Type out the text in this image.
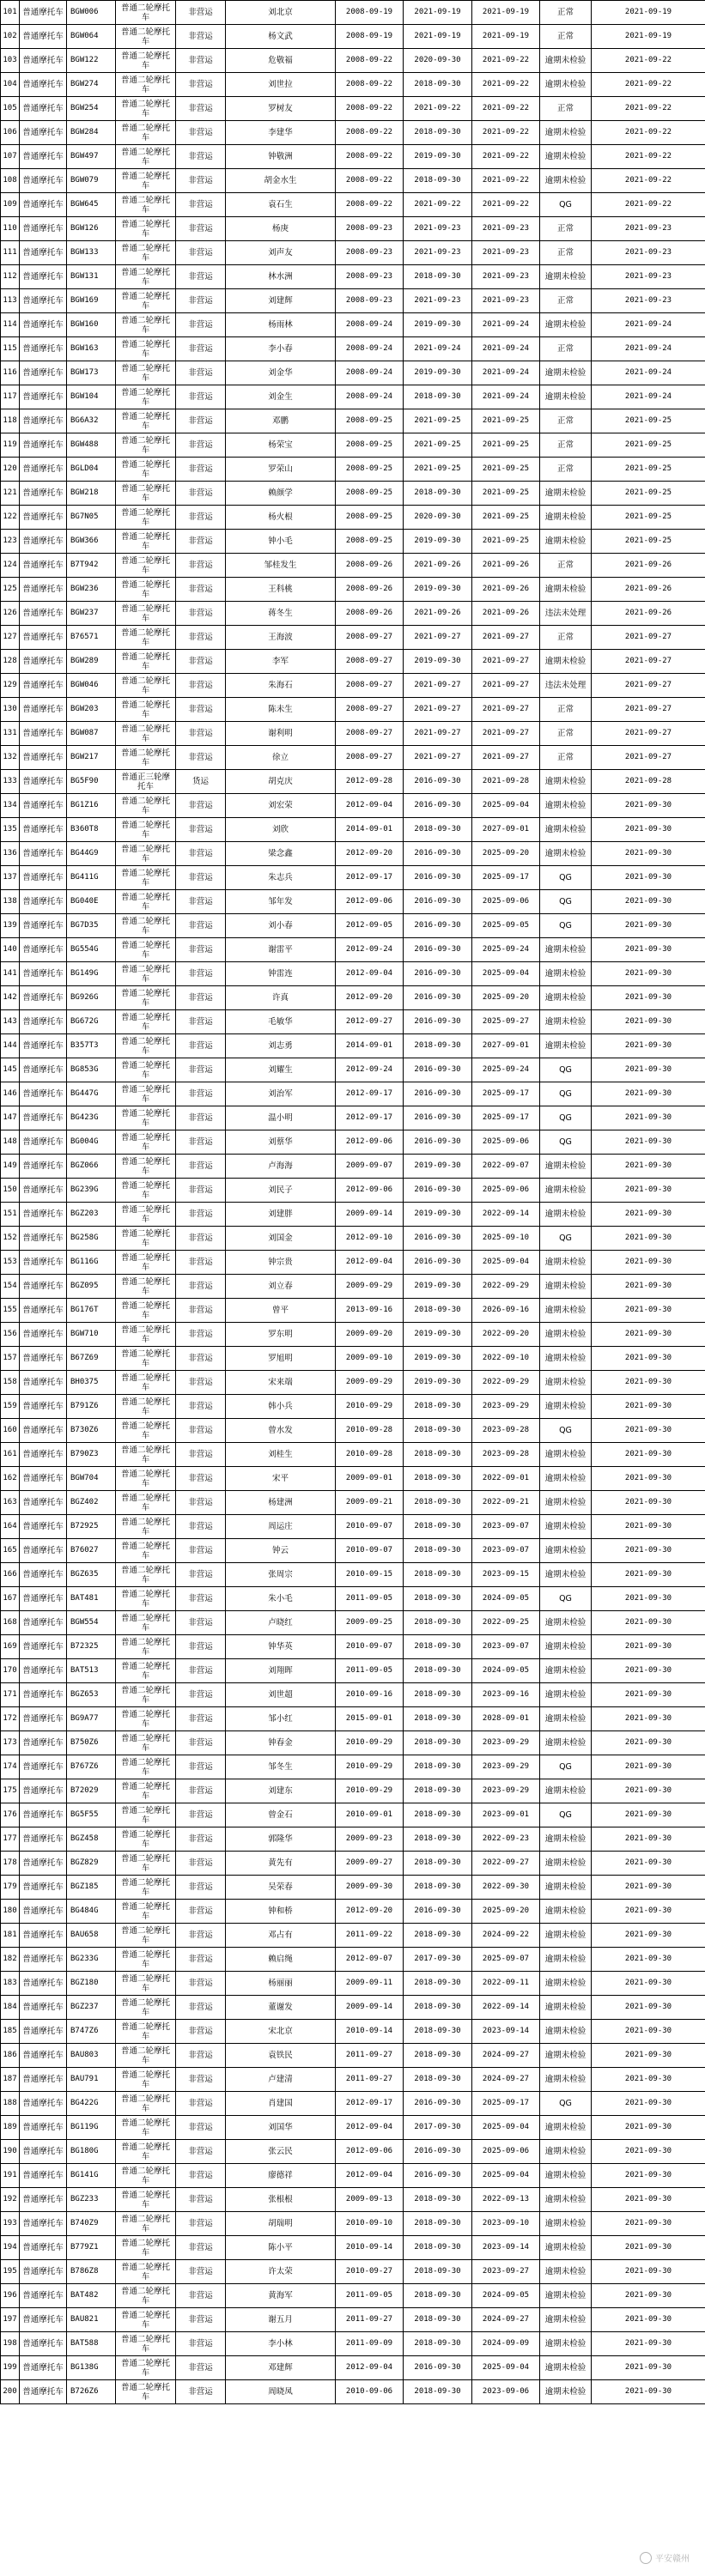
101	普通摩托车	BGW006	普通二轮摩托车	非营运	刘北京	2008-09-19	2021-09-19	2021-09-19	正常	2021-09-19
102	普通摩托车	BGW064	普通二轮摩托车	非营运	杨文武	2008-09-19	2021-09-19	2021-09-19	正常	2021-09-19
103	普通摩托车	BGW122	普通二轮摩托车	非营运	危敬福	2008-09-22	2020-09-30	2021-09-22	逾期未检验	2021-09-22
104	普通摩托车	BGW274	普通二轮摩托车	非营运	刘世拉	2008-09-22	2018-09-30	2021-09-22	逾期未检验	2021-09-22
105	普通摩托车	BGW254	普通二轮摩托车	非营运	罗树友	2008-09-22	2021-09-22	2021-09-22	正常	2021-09-22
106	普通摩托车	BGW284	普通二轮摩托车	非营运	李建华	2008-09-22	2018-09-30	2021-09-22	逾期未检验	2021-09-22
107	普通摩托车	BGW497	普通二轮摩托车	非营运	钟敬洲	2008-09-22	2019-09-30	2021-09-22	逾期未检验	2021-09-22
108	普通摩托车	BGW079	普通二轮摩托车	非营运	胡金水生	2008-09-22	2018-09-30	2021-09-22	逾期未检验	2021-09-22
109	普通摩托车	BGW645	普通二轮摩托车	非营运	袁石生	2008-09-22	2021-09-22	2021-09-22	QG	2021-09-22
110	普通摩托车	BGW126	普通二轮摩托车	非营运	杨庚	2008-09-23	2021-09-23	2021-09-23	正常	2021-09-23
111	普通摩托车	BGW133	普通二轮摩托车	非营运	刘声友	2008-09-23	2021-09-23	2021-09-23	正常	2021-09-23
112	普通摩托车	BGW131	普通二轮摩托车	非营运	林水洲	2008-09-23	2018-09-30	2021-09-23	逾期未检验	2021-09-23
113	普通摩托车	BGW169	普通二轮摩托车	非营运	刘建辉	2008-09-23	2021-09-23	2021-09-23	正常	2021-09-23
114	普通摩托车	BGW160	普通二轮摩托车	非营运	杨雨林	2008-09-24	2019-09-30	2021-09-24	逾期未检验	2021-09-24
115	普通摩托车	BGW163	普通二轮摩托车	非营运	李小春	2008-09-24	2021-09-24	2021-09-24	正常	2021-09-24
116	普通摩托车	BGW173	普通二轮摩托车	非营运	刘金华	2008-09-24	2019-09-30	2021-09-24	逾期未检验	2021-09-24
117	普通摩托车	BGW104	普通二轮摩托车	非营运	刘金生	2008-09-24	2018-09-30	2021-09-24	逾期未检验	2021-09-24
118	普通摩托车	BG6A32	普通二轮摩托车	非营运	邓鹏	2008-09-25	2021-09-25	2021-09-25	正常	2021-09-25
119	普通摩托车	BGW488	普通二轮摩托车	非营运	杨荣宝	2008-09-25	2021-09-25	2021-09-25	正常	2021-09-25
120	普通摩托车	BGLD04	普通二轮摩托车	非营运	罗荣山	2008-09-25	2021-09-25	2021-09-25	正常	2021-09-25
121	普通摩托车	BGW218	普通二轮摩托车	非营运	赖颜学	2008-09-25	2018-09-30	2021-09-25	逾期未检验	2021-09-25
122	普通摩托车	BG7N05	普通二轮摩托车	非营运	杨火根	2008-09-25	2020-09-30	2021-09-25	逾期未检验	2021-09-25
123	普通摩托车	BGW366	普通二轮摩托车	非营运	钟小毛	2008-09-25	2019-09-30	2021-09-25	逾期未检验	2021-09-25
124	普通摩托车	B7T942	普通二轮摩托车	非营运	邹桂发生	2008-09-26	2021-09-26	2021-09-26	正常	2021-09-26
125	普通摩托车	BGW236	普通二轮摩托车	非营运	王科桃	2008-09-26	2019-09-30	2021-09-26	逾期未检验	2021-09-26
126	普通摩托车	BGW237	普通二轮摩托车	非营运	蒋冬生	2008-09-26	2021-09-26	2021-09-26	违法未处理	2021-09-26
127	普通摩托车	B76571	普通二轮摩托车	非营运	王海波	2008-09-27	2021-09-27	2021-09-27	正常	2021-09-27
128	普通摩托车	BGW289	普通二轮摩托车	非营运	李军	2008-09-27	2019-09-30	2021-09-27	逾期未检验	2021-09-27
129	普通摩托车	BGW046	普通二轮摩托车	非营运	朱海石	2008-09-27	2021-09-27	2021-09-27	违法未处理	2021-09-27
130	普通摩托车	BGW203	普通二轮摩托车	非营运	陈未生	2008-09-27	2021-09-27	2021-09-27	正常	2021-09-27
131	普通摩托车	BGW087	普通二轮摩托车	非营运	谢利明	2008-09-27	2021-09-27	2021-09-27	正常	2021-09-27
132	普通摩托车	BGW217	普通二轮摩托车	非营运	徐立	2008-09-27	2021-09-27	2021-09-27	正常	2021-09-27
133	普通摩托车	BG5F90	普通正三轮摩托车	货运	胡克庆	2012-09-28	2016-09-30	2021-09-28	逾期未检验	2021-09-28
134	普通摩托车	BG1Z16	普通二轮摩托车	非营运	刘宏荣	2012-09-04	2016-09-30	2025-09-04	逾期未检验	2021-09-30
135	普通摩托车	B360T8	普通二轮摩托车	非营运	刘欣	2014-09-01	2018-09-30	2027-09-01	逾期未检验	2021-09-30
136	普通摩托车	BG44G9	普通二轮摩托车	非营运	梁念鑫	2012-09-20	2016-09-30	2025-09-20	逾期未检验	2021-09-30
137	普通摩托车	BG411G	普通二轮摩托车	非营运	朱志兵	2012-09-17	2016-09-30	2025-09-17	QG	2021-09-30
138	普通摩托车	BG040E	普通二轮摩托车	非营运	邹年发	2012-09-06	2016-09-30	2025-09-06	QG	2021-09-30
139	普通摩托车	BG7D35	普通二轮摩托车	非营运	刘小春	2012-09-05	2016-09-30	2025-09-05	QG	2021-09-30
140	普通摩托车	BG554G	普通二轮摩托车	非营运	谢雷平	2012-09-24	2016-09-30	2025-09-24	逾期未检验	2021-09-30
141	普通摩托车	BG149G	普通二轮摩托车	非营运	钟雷连	2012-09-04	2016-09-30	2025-09-04	逾期未检验	2021-09-30
142	普通摩托车	BG926G	普通二轮摩托车	非营运	许真	2012-09-20	2016-09-30	2025-09-20	逾期未检验	2021-09-30
143	普通摩托车	BG672G	普通二轮摩托车	非营运	毛敏华	2012-09-27	2016-09-30	2025-09-27	逾期未检验	2021-09-30
144	普通摩托车	B357T3	普通二轮摩托车	非营运	刘志勇	2014-09-01	2018-09-30	2027-09-01	逾期未检验	2021-09-30
145	普通摩托车	BG853G	普通二轮摩托车	非营运	刘耀生	2012-09-24	2016-09-30	2025-09-24	QG	2021-09-30
146	普通摩托车	BG447G	普通二轮摩托车	非营运	刘治军	2012-09-17	2016-09-30	2025-09-17	QG	2021-09-30
147	普通摩托车	BG423G	普通二轮摩托车	非营运	温小明	2012-09-17	2016-09-30	2025-09-17	QG	2021-09-30
148	普通摩托车	BG004G	普通二轮摩托车	非营运	刘蔡华	2012-09-06	2016-09-30	2025-09-06	QG	2021-09-30
149	普通摩托车	BGZ066	普通二轮摩托车	非营运	卢海海	2009-09-07	2019-09-30	2022-09-07	逾期未检验	2021-09-30
150	普通摩托车	BG239G	普通二轮摩托车	非营运	刘民子	2012-09-06	2016-09-30	2025-09-06	逾期未检验	2021-09-30
151	普通摩托车	BGZ203	普通二轮摩托车	非营运	刘建胖	2009-09-14	2019-09-30	2022-09-14	逾期未检验	2021-09-30
152	普通摩托车	BG258G	普通二轮摩托车	非营运	刘国金	2012-09-10	2016-09-30	2025-09-10	QG	2021-09-30
153	普通摩托车	BG116G	普通二轮摩托车	非营运	钟宗贵	2012-09-04	2016-09-30	2025-09-04	逾期未检验	2021-09-30
154	普通摩托车	BGZ095	普通二轮摩托车	非营运	刘立春	2009-09-29	2019-09-30	2022-09-29	逾期未检验	2021-09-30
155	普通摩托车	BG176T	普通二轮摩托车	非营运	曾平	2013-09-16	2018-09-30	2026-09-16	逾期未检验	2021-09-30
156	普通摩托车	BGW710	普通二轮摩托车	非营运	罗东明	2009-09-20	2019-09-30	2022-09-20	逾期未检验	2021-09-30
157	普通摩托车	B67Z69	普通二轮摩托车	非营运	罗旭明	2009-09-10	2019-09-30	2022-09-10	逾期未检验	2021-09-30
158	普通摩托车	BH0375	普通二轮摩托车	非营运	宋来端	2009-09-29	2019-09-30	2022-09-29	逾期未检验	2021-09-30
159	普通摩托车	B791Z6	普通二轮摩托车	非营运	韩小兵	2010-09-29	2018-09-30	2023-09-29	逾期未检验	2021-09-30
160	普通摩托车	B730Z6	普通二轮摩托车	非营运	曾水发	2010-09-28	2018-09-30	2023-09-28	QG	2021-09-30
161	普通摩托车	B790Z3	普通二轮摩托车	非营运	刘桂生	2010-09-28	2018-09-30	2023-09-28	逾期未检验	2021-09-30
162	普通摩托车	BGW704	普通二轮摩托车	非营运	宋平	2009-09-01	2018-09-30	2022-09-01	逾期未检验	2021-09-30
163	普通摩托车	BGZ402	普通二轮摩托车	非营运	杨建洲	2009-09-21	2018-09-30	2022-09-21	逾期未检验	2021-09-30
164	普通摩托车	B72925	普通二轮摩托车	非营运	周运庄	2010-09-07	2018-09-30	2023-09-07	逾期未检验	2021-09-30
165	普通摩托车	B76027	普通二轮摩托车	非营运	钟云	2010-09-07	2018-09-30	2023-09-07	逾期未检验	2021-09-30
166	普通摩托车	BGZ635	普通二轮摩托车	非营运	张周宗	2010-09-15	2018-09-30	2023-09-15	逾期未检验	2021-09-30
167	普通摩托车	BAT481	普通二轮摩托车	非营运	朱小毛	2011-09-05	2018-09-30	2024-09-05	QG	2021-09-30
168	普通摩托车	BGW554	普通二轮摩托车	非营运	卢晓红	2009-09-25	2018-09-30	2022-09-25	逾期未检验	2021-09-30
169	普通摩托车	B72325	普通二轮摩托车	非营运	钟华英	2010-09-07	2018-09-30	2023-09-07	逾期未检验	2021-09-30
170	普通摩托车	BAT513	普通二轮摩托车	非营运	刘翔晖	2011-09-05	2018-09-30	2024-09-05	逾期未检验	2021-09-30
171	普通摩托车	BGZ653	普通二轮摩托车	非营运	刘世超	2010-09-16	2018-09-30	2023-09-16	逾期未检验	2021-09-30
172	普通摩托车	BG9A77	普通二轮摩托车	非营运	邹小红	2015-09-01	2018-09-30	2028-09-01	逾期未检验	2021-09-30
173	普通摩托车	B750Z6	普通二轮摩托车	非营运	钟春金	2010-09-29	2018-09-30	2023-09-29	逾期未检验	2021-09-30
174	普通摩托车	B767Z6	普通二轮摩托车	非营运	邹冬生	2010-09-29	2018-09-30	2023-09-29	QG	2021-09-30
175	普通摩托车	B72029	普通二轮摩托车	非营运	刘建东	2010-09-29	2018-09-30	2023-09-29	逾期未检验	2021-09-30
176	普通摩托车	BG5F55	普通二轮摩托车	非营运	曾金石	2010-09-01	2018-09-30	2023-09-01	QG	2021-09-30
177	普通摩托车	BGZ458	普通二轮摩托车	非营运	郭隆华	2009-09-23	2018-09-30	2022-09-23	逾期未检验	2021-09-30
178	普通摩托车	BGZ829	普通二轮摩托车	非营运	黄先有	2009-09-27	2018-09-30	2022-09-27	逾期未检验	2021-09-30
179	普通摩托车	BGZ185	普通二轮摩托车	非营运	吴荣春	2009-09-30	2018-09-30	2022-09-30	逾期未检验	2021-09-30
180	普通摩托车	BG484G	普通二轮摩托车	非营运	钟和桥	2012-09-20	2016-09-30	2025-09-20	逾期未检验	2021-09-30
181	普通摩托车	BAU658	普通二轮摩托车	非营运	邓占有	2011-09-22	2018-09-30	2024-09-22	逾期未检验	2021-09-30
182	普通摩托车	BG233G	普通二轮摩托车	非营运	赖启绳	2012-09-07	2017-09-30	2025-09-07	逾期未检验	2021-09-30
183	普通摩托车	BGZ180	普通二轮摩托车	非营运	杨丽丽	2009-09-11	2018-09-30	2022-09-11	逾期未检验	2021-09-30
184	普通摩托车	BGZ237	普通二轮摩托车	非营运	董谢发	2009-09-14	2018-09-30	2022-09-14	逾期未检验	2021-09-30
185	普通摩托车	B747Z6	普通二轮摩托车	非营运	宋北京	2010-09-14	2018-09-30	2023-09-14	逾期未检验	2021-09-30
186	普通摩托车	BAU803	普通二轮摩托车	非营运	袁铁民	2011-09-27	2018-09-30	2024-09-27	逾期未检验	2021-09-30
187	普通摩托车	BAU791	普通二轮摩托车	非营运	卢建清	2011-09-27	2018-09-30	2024-09-27	逾期未检验	2021-09-30
188	普通摩托车	BG422G	普通二轮摩托车	非营运	肖建国	2012-09-17	2016-09-30	2025-09-17	QG	2021-09-30
189	普通摩托车	BG119G	普通二轮摩托车	非营运	刘国华	2012-09-04	2017-09-30	2025-09-04	逾期未检验	2021-09-30
190	普通摩托车	BG180G	普通二轮摩托车	非营运	张云民	2012-09-06	2016-09-30	2025-09-06	逾期未检验	2021-09-30
191	普通摩托车	BG141G	普通二轮摩托车	非营运	廖德祥	2012-09-04	2016-09-30	2025-09-04	逾期未检验	2021-09-30
192	普通摩托车	BGZ233	普通二轮摩托车	非营运	张根根	2009-09-13	2018-09-30	2022-09-13	逾期未检验	2021-09-30
193	普通摩托车	B740Z9	普通二轮摩托车	非营运	胡瑞明	2010-09-10	2018-09-30	2023-09-10	逾期未检验	2021-09-30
194	普通摩托车	B779Z1	普通二轮摩托车	非营运	陈小平	2010-09-14	2018-09-30	2023-09-14	逾期未检验	2021-09-30
195	普通摩托车	B786Z8	普通二轮摩托车	非营运	许太荣	2010-09-27	2018-09-30	2023-09-27	逾期未检验	2021-09-30
196	普通摩托车	BAT482	普通二轮摩托车	非营运	黄海军	2011-09-05	2018-09-30	2024-09-05	逾期未检验	2021-09-30
197	普通摩托车	BAU821	普通二轮摩托车	非营运	谢五月	2011-09-27	2018-09-30	2024-09-27	逾期未检验	2021-09-30
198	普通摩托车	BAT588	普通二轮摩托车	非营运	李小林	2011-09-09	2018-09-30	2024-09-09	逾期未检验	2021-09-30
199	普通摩托车	BG138G	普通二轮摩托车	非营运	邓建辉	2012-09-04	2016-09-30	2025-09-04	逾期未检验	2021-09-30
200	普通摩托车	B726Z6	普通二轮摩托车	非营运	周晓凤	2010-09-06	2018-09-30	2023-09-06	逾期未检验	2021-09-30
平安赣州
